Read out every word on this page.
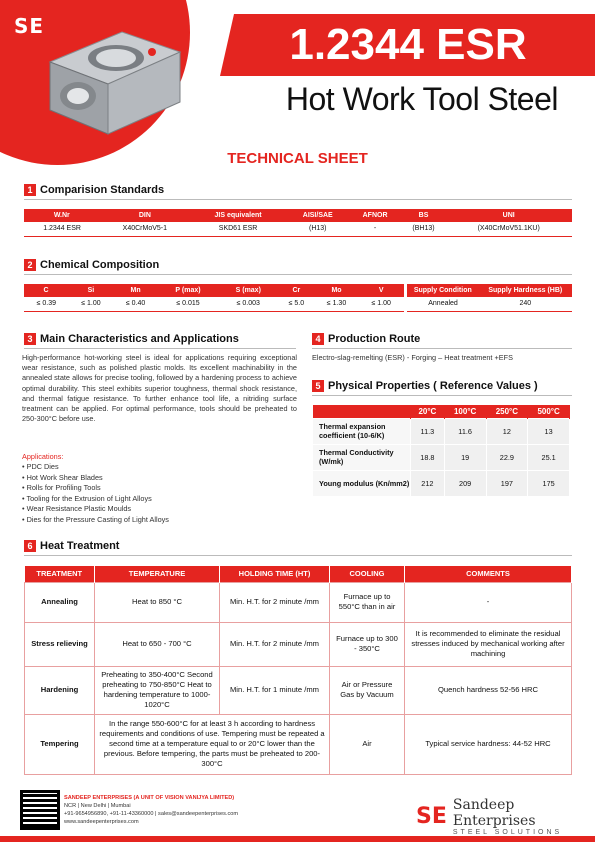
SE	1.2344 ESR
Hot Work Tool Steel
TECHNICAL SHEET
1 Comparision Standards
W.Nr	DIN	JIS equivalent	AISI/SAE	AFNOR	BS	UNI
1.2344 ESR	X40CrMoV5-1	SKD61 ESR	(H13)	-	(BH13)	(X40CrMoV51.1KU)
2 Chemical Composition
C	Si	Mn	P (max)	S (max)	Cr	Mo	V
≤ 0.39	≤ 1.00	≤ 0.40	≤ 0.015	≤ 0.003	≤ 5.0	≤ 1.30	≤ 1.00
Supply Condition	Supply Hardness (HB)
Annealed	240
3 Main Characteristics and Applications
High-performance hot-working steel is ideal for applications requiring exceptional wear resistance, such as polished plastic molds. Its excellent machinability in the annealed state allows for precise tooling, followed by a hardening process to achieve optimal durability. This steel exhibits superior toughness, thermal shock resistance, and thermal fatigue resistance. To further enhance tool life, a nitriding surface treatment can be applied. For optimal performance, tools should be preheated to 250-300°C before use.
Applications:
• PDC Dies
• Hot Work Shear Blades
• Rolls for Profiling Tools
• Tooling for the Extrusion of Light Alloys
• Wear Resistance Plastic Moulds
• Dies for the Pressure Casting of Light Alloys
4 Production Route
Electro-slag-remelting (ESR) - Forging – Heat treatment +EFS
5 Physical Properties ( Reference Values )
	20°C	100°C	250°C	500°C
Thermal expansion coefficient (10-6/K)	11.3	11.6	12	13
Thermal Conductivity (W/mk)	18.8	19	22.9	25.1
Young modulus (Kn/mm2)	212	209	197	175
6 Heat Treatment
TREATMENT	TEMPERATURE	HOLDING TIME (HT)	COOLING	COMMENTS
Annealing	Heat to 850 °C	Min. H.T. for 2 minute /mm	Furnace up to 550°C than in air	-
Stress relieving	Heat to 650 - 700 °C	Min. H.T. for 2 minute /mm	Furnace up to 300 - 350°C	It is recommended to eliminate the residual stresses induced by mechanical working after machining
Hardening	Preheating to 350-400°C Second preheating to 750-850°C Heat to hardening temperature to 1000-1020°C	Min. H.T. for 1 minute /mm	Air or Pressure Gas by Vacuum	Quench hardness 52-56 HRC
Tempering	In the range 550-600°C for at least 3 h according to hardness requirements and conditions of use. Tempering must be repeated a second time at a temperature equal to or 20°C lower than the previous. Before tempering, the parts must be preheated to 200-300°C		Air	Typical service hardness: 44-52 HRC
SANDEEP ENTERPRISES (A UNIT OF VISION VANIJYA LIMITED)
NCR | New Delhi | Mumbai
+91-9654956890, +91-11-43360000 | sales@sandeepenterprises.com
www.sandeepenterprises.com	SE Sandeep Enterprises
STEEL SOLUTIONS
